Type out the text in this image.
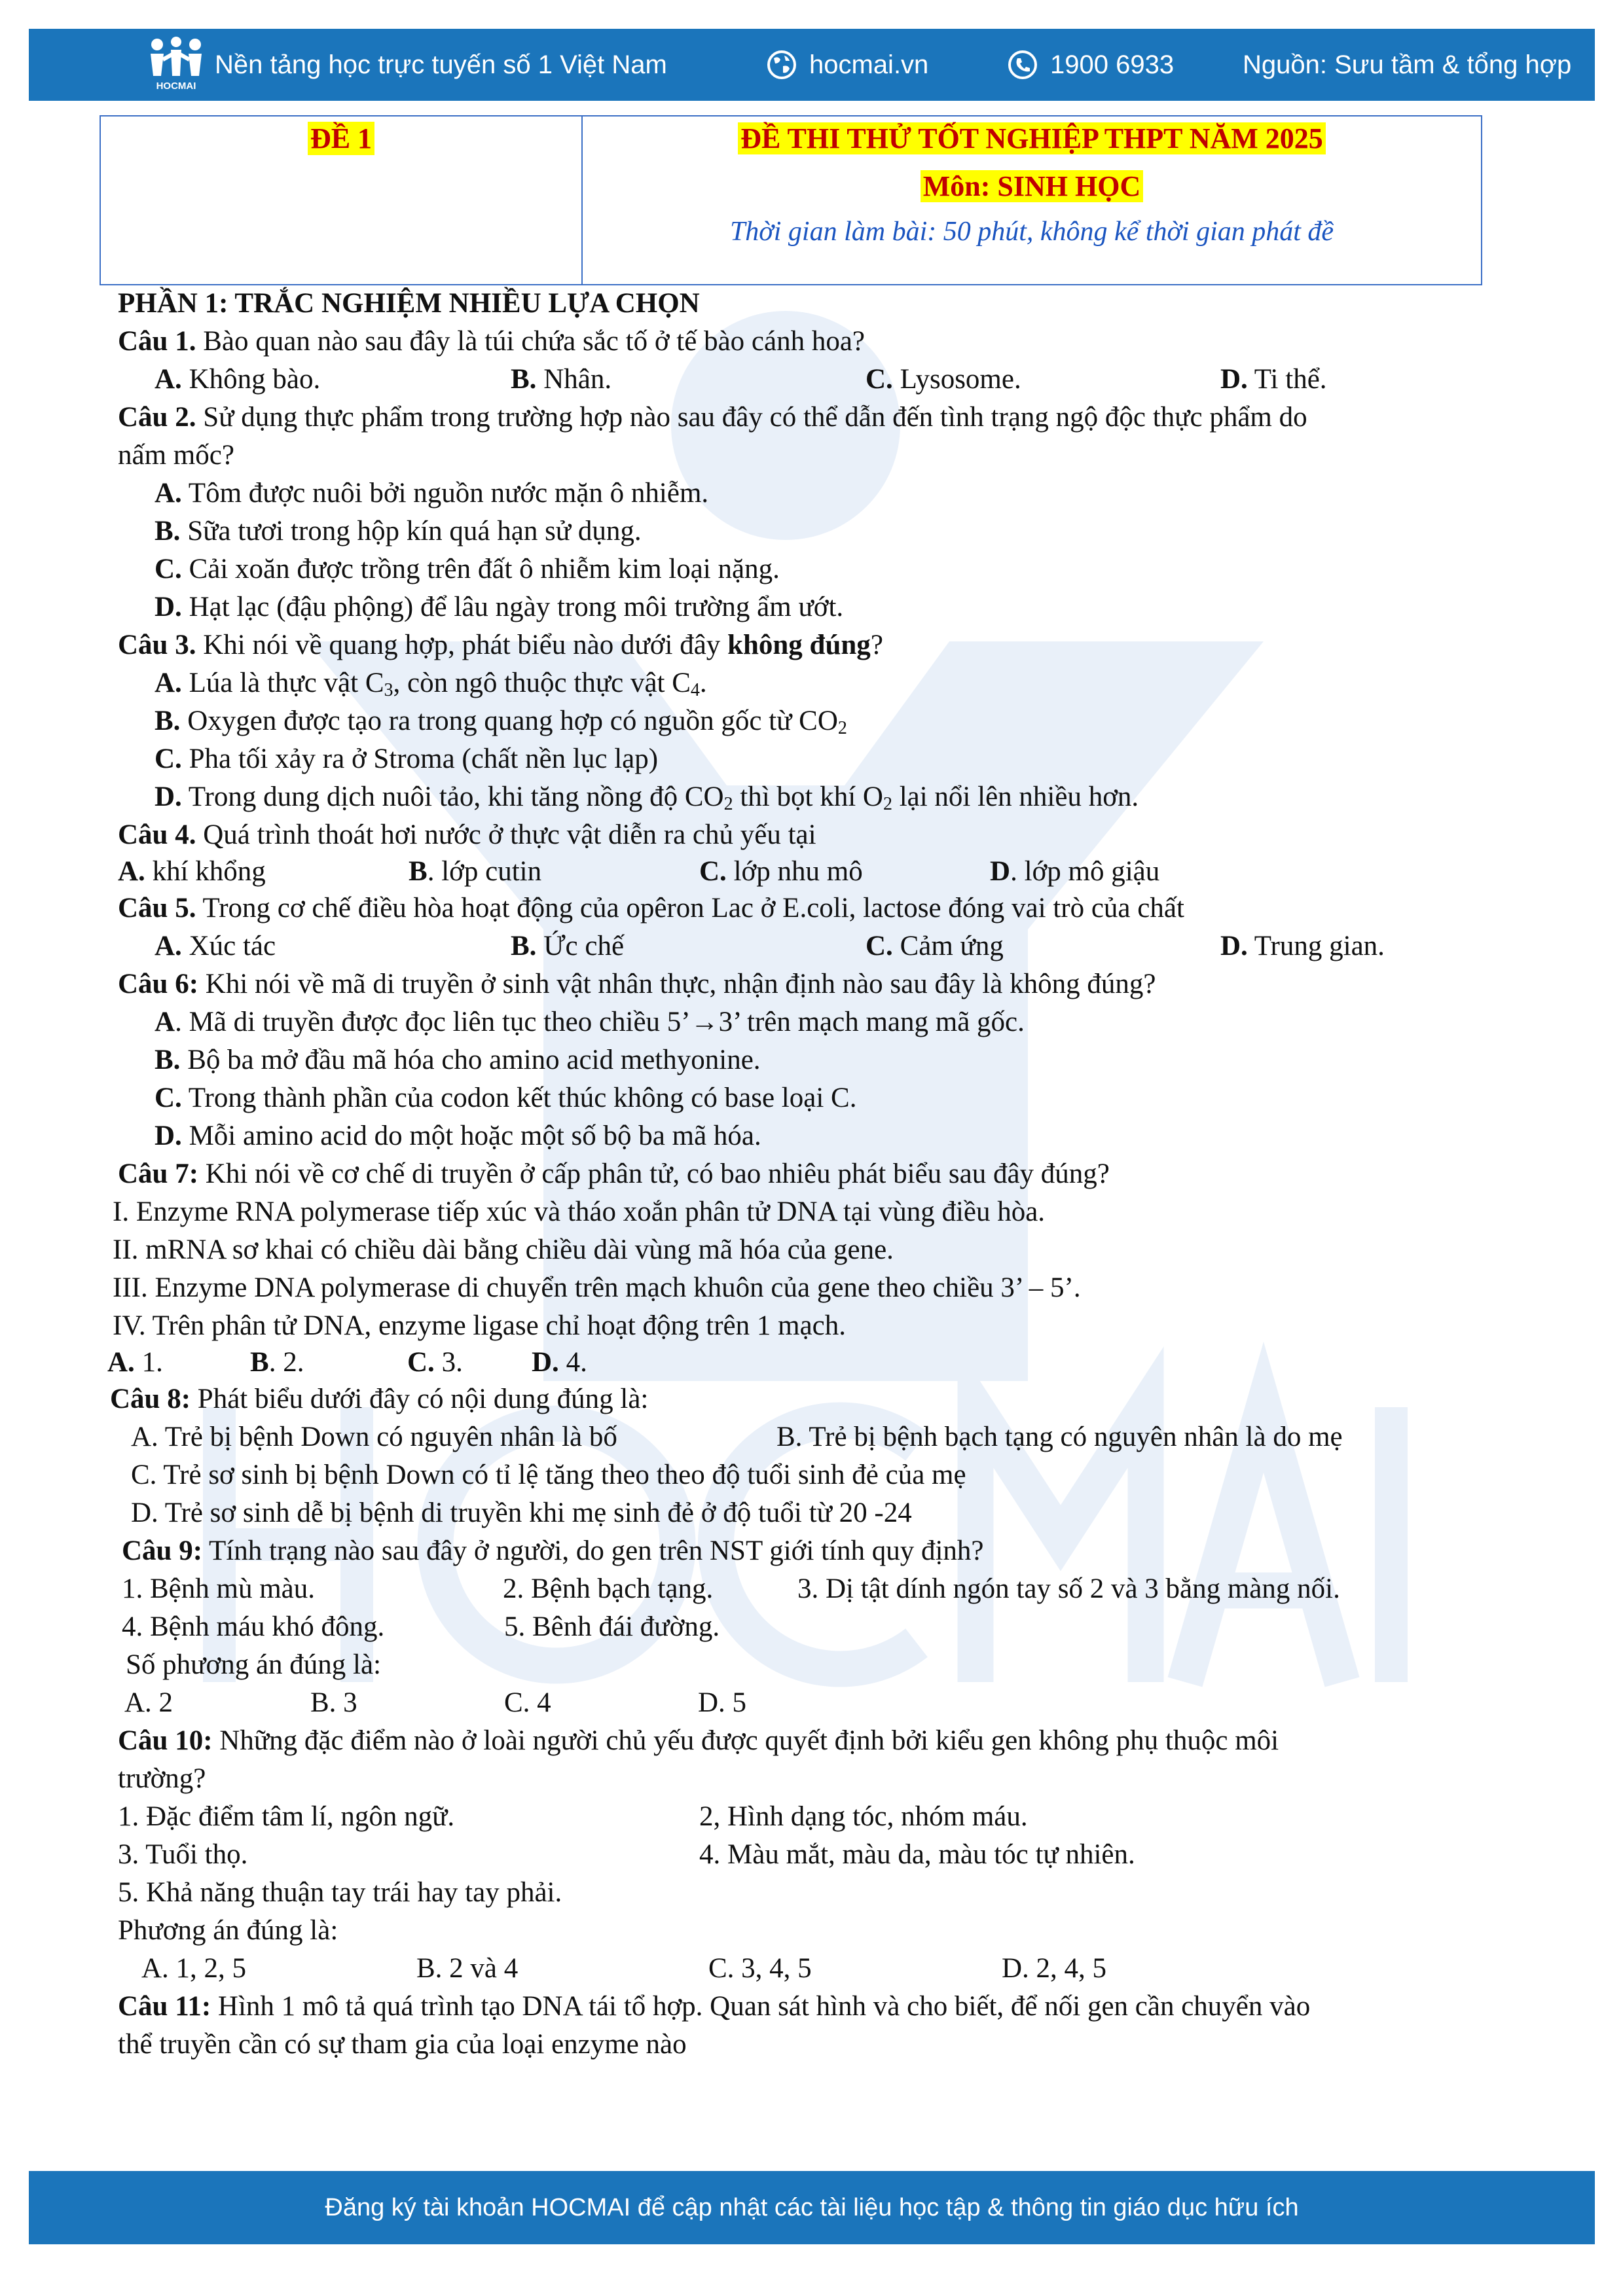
HOCMAI
Nền tảng học trực tuyến số 1 Việt Nam	hocmai.vn	1900 6933	Nguồn: Sưu tầm & tổng hợp
ĐỀ 1	ĐỀ THI THỬ TỐT NGHIỆP THPT NĂM 2025
Môn: SINH HỌC
Thời gian làm bài: 50 phút, không kể thời gian phát đề
PHẦN 1: TRẮC NGHIỆM NHIỀU LỰA CHỌN
Câu 1. Bào quan nào sau đây là túi chứa sắc tố ở tế bào cánh hoa?
A. Không bào.	B. Nhân.	C. Lysosome.	D. Ti thể.
Câu 2. Sử dụng thực phẩm trong trường hợp nào sau đây có thể dẫn đến tình trạng ngộ độc thực phẩm do
nấm mốc?
A. Tôm được nuôi bởi nguồn nước mặn ô nhiễm.
B. Sữa tươi trong hộp kín quá hạn sử dụng.
C. Cải xoăn được trồng trên đất ô nhiễm kim loại nặng.
D. Hạt lạc (đậu phộng) để lâu ngày trong môi trường ẩm ướt.
Câu 3. Khi nói về quang hợp, phát biểu nào dưới đây không đúng?
A. Lúa là thực vật $C_3$, còn ngô thuộc thực vật $C_4$.
B. Oxygen được tạo ra trong quang hợp có nguồn gốc từ $CO_2$
C. Pha tối xảy ra ở Stroma (chất nền lục lạp)
D. Trong dung dịch nuôi tảo, khi tăng nồng độ $CO_2$ thì bọt khí $O_2$ lại nổi lên nhiều hơn.
Câu 4. Quá trình thoát hơi nước ở thực vật diễn ra chủ yếu tại
A. khí khổng	B. lớp cutin	C. lớp nhu mô	D. lớp mô giậu
Câu 5. Trong cơ chế điều hòa hoạt động của opêron Lac ở E.coli, lactose đóng vai trò của chất
A. Xúc tác	B. Ức chế	C. Cảm ứng	D. Trung gian.
Câu 6: Khi nói về mã di truyền ở sinh vật nhân thực, nhận định nào sau đây là không đúng?
A. Mã di truyền được đọc liên tục theo chiều 5’→3’ trên mạch mang mã gốc.
B. Bộ ba mở đầu mã hóa cho amino acid methyonine.
C. Trong thành phần của codon kết thúc không có base loại C.
D. Mỗi amino acid do một hoặc một số bộ ba mã hóa.
Câu 7: Khi nói về cơ chế di truyền ở cấp phân tử, có bao nhiêu phát biểu sau đây đúng?
I. Enzyme RNA polymerase tiếp xúc và tháo xoắn phân tử DNA tại vùng điều hòa.
II. mRNA sơ khai có chiều dài bằng chiều dài vùng mã hóa của gene.
III. Enzyme DNA polymerase di chuyển trên mạch khuôn của gene theo chiều 3’ – 5’.
IV. Trên phân tử DNA, enzyme ligase chỉ hoạt động trên 1 mạch.
A. 1.	B. 2.	C. 3. D. 4.
Câu 8: Phát biểu dưới đây có nội dung đúng là:
A. Trẻ bị bệnh Down có nguyên nhân là bố	B. Trẻ bị bệnh bạch tạng có nguyên nhân là do mẹ
C. Trẻ sơ sinh bị bệnh Down có tỉ lệ tăng theo theo độ tuổi sinh đẻ của mẹ
D. Trẻ sơ sinh dễ bị bệnh di truyền khi mẹ sinh đẻ ở độ tuổi từ 20 -24
Câu 9: Tính trạng nào sau đây ở người, do gen trên NST giới tính quy định?
1. Bệnh mù màu.	2. Bệnh bạch tạng.	3. Dị tật dính ngón tay số 2 và 3 bằng màng nối.
4. Bệnh máu khó đông.	5. Bênh đái đường.
Số phương án đúng là:
A. 2	B. 3	C. 4	D. 5
Câu 10: Những đặc điểm nào ở loài người chủ yếu được quyết định bởi kiểu gen không phụ thuộc môi
trường?
1. Đặc điểm tâm lí, ngôn ngữ.	2, Hình dạng tóc, nhóm máu.
3. Tuổi thọ.	4. Màu mắt, màu da, màu tóc tự nhiên.
5. Khả năng thuận tay trái hay tay phải.
Phương án đúng là:
A. 1, 2, 5	B. 2 và 4	C. 3, 4, 5	D. 2, 4, 5
Câu 11: Hình 1 mô tả quá trình tạo DNA tái tổ hợp. Quan sát hình và cho biết, để nối gen cần chuyển vào
thể truyền cần có sự tham gia của loại enzyme nào
Đăng ký tài khoản HOCMAI để cập nhật các tài liệu học tập & thông tin giáo dục hữu ích
